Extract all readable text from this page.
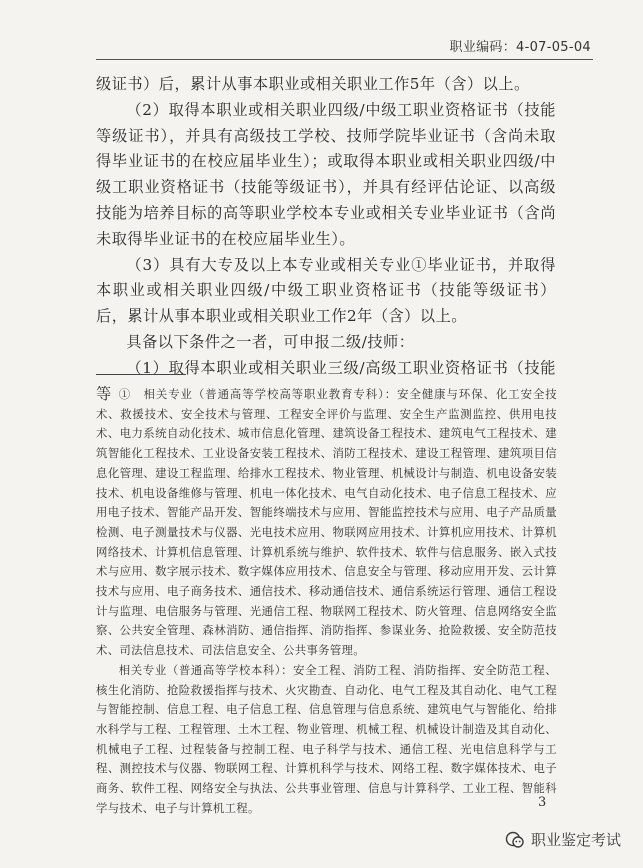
职业编码：4-07-05-04

级证书）后，累计从事本职业或相关职业工作5年（含）以上。

（2）取得本职业或相关职业四级/中级工职业资格证书（技能等级证书），并具有高级技工学校、技师学院毕业证书（含尚未取得毕业证书的在校应届毕业生）；或取得本职业或相关职业四级/中级工职业资格证书（技能等级证书），并具有经评估论证、以高级技能为培养目标的高等职业学校本专业或相关专业毕业证书（含尚未取得毕业证书的在校应届毕业生）。

（3）具有大专及以上本专业或相关专业①毕业证书，并取得本职业或相关职业四级/中级工职业资格证书（技能等级证书）后，累计从事本职业或相关职业工作2年（含）以上。

具备以下条件之一者，可申报二级/技师：

（1）取得本职业或相关职业三级/高级工职业资格证书（技能等 ①　相关专业（普通高等学校高等职业教育专科）：安全健康与环保、化工安全技术、救援技术、安全技术与管理、工程安全评价与监理、安全生产监测监控、供用电技术、电力系统自动化技术、城市信息化管理、建筑设备工程技术、建筑电气工程技术、建筑智能化工程技术、工业设备安装工程技术、消防工程技术、建设工程管理、建筑项目信息化管理、建设工程监理、给排水工程技术、物业管理、机械设计与制造、机电设备安装技术、机电设备维修与管理、机电一体化技术、电气自动化技术、电子信息工程技术、应用电子技术、智能产品开发、智能终端技术与应用、智能监控技术与应用、电子产品质量检测、电子测量技术与仪器、光电技术应用、物联网应用技术、计算机应用技术、计算机网络技术、计算机信息管理、计算机系统与维护、软件技术、软件与信息服务、嵌入式技术与应用、数字展示技术、数字媒体应用技术、信息安全与管理、移动应用开发、云计算技术与应用、电子商务技术、通信技术、移动通信技术、通信系统运行管理、通信工程设计与监理、电信服务与管理、光通信工程、物联网工程技术、防火管理、信息网络安全监察、公共安全管理、森林消防、通信指挥、消防指挥、参谋业务、抢险救援、安全防范技术、司法信息技术、司法信息安全、公共事务管理。

相关专业（普通高等学校本科）：安全工程、消防工程、消防指挥、安全防范工程、核生化消防、抢险救援指挥与技术、火灾勘查、自动化、电气工程及其自动化、电气工程与智能控制、信息工程、电子信息工程、信息管理与信息系统、建筑电气与智能化、给排水科学与工程、工程管理、土木工程、物业管理、机械工程、机械设计制造及其自动化、机械电子工程、过程装备与控制工程、电子科学与技术、通信工程、光电信息科学与工程、测控技术与仪器、物联网工程、计算机科学与技术、网络工程、数字媒体技术、电子商务、软件工程、网络安全与执法、公共事业管理、信息与计算科学、工业工程、智能科学与技术、电子与计算机工程。	3
职业鉴定考试
